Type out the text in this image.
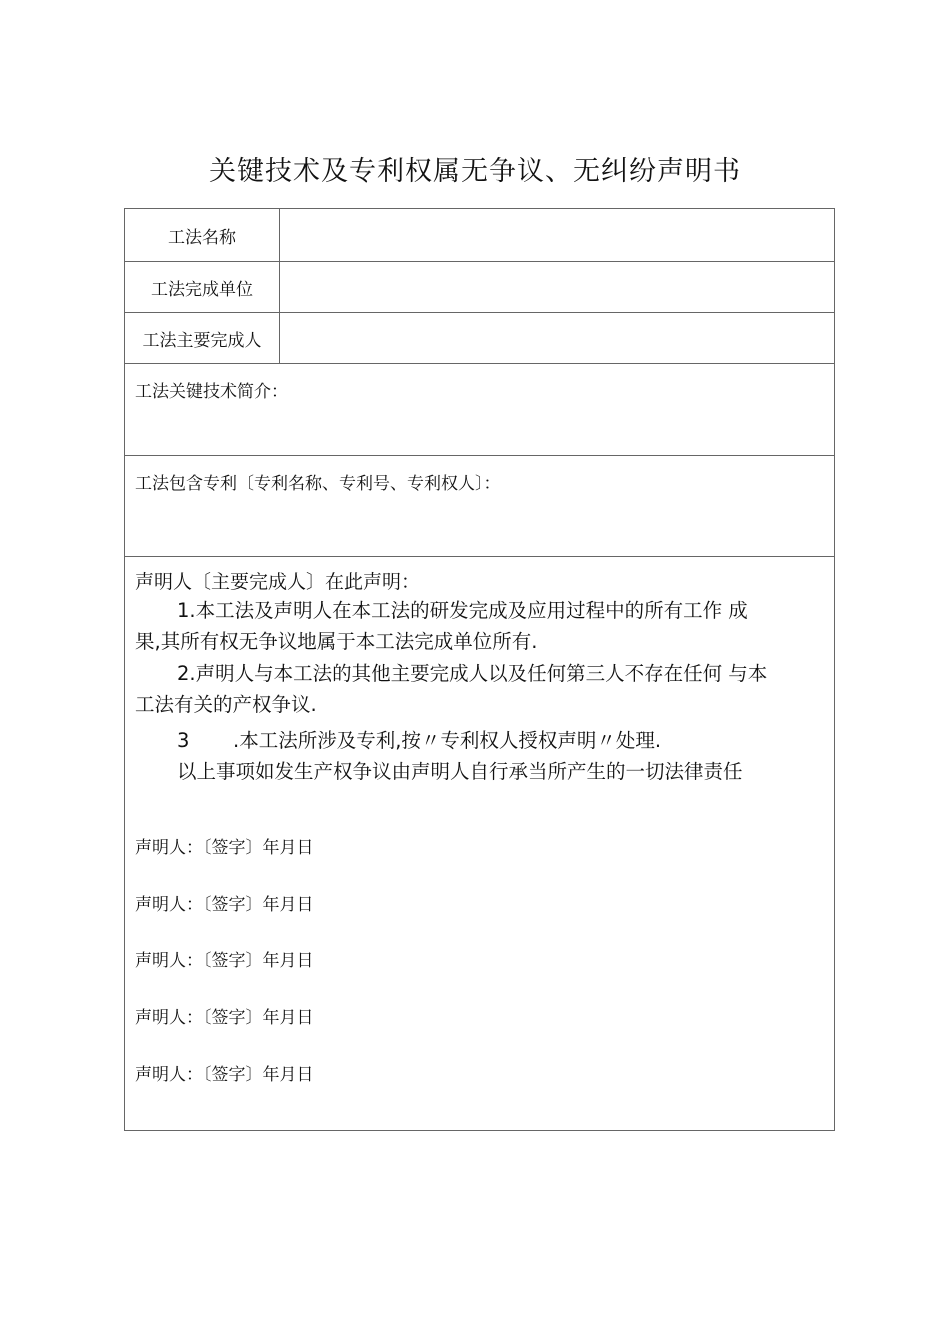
关键技术及专利权属无争议、无纠纷声明书
工法名称
工法完成单位
工法主要完成人
工法关键技术简介：
工法包含专利〔专利名称、专利号、专利权人〕：
声明人〔主要完成人〕在此声明：
1.本工法及声明人在本工法的研发完成及应用过程中的所有工作 成
果,其所有权无争议地属于本工法完成单位所有.
2.声明人与本工法的其他主要完成人以及任何第三人不存在任何 与本
工法有关的产权争议.
3	.本工法所涉及专利,按〃专利权人授权声明〃处理.
以上事项如发生产权争议由声明人自行承当所产生的一切法律责任
声明人：〔签字〕年月日
声明人：〔签字〕年月日
声明人：〔签字〕年月日
声明人：〔签字〕年月日
声明人：〔签字〕年月日
